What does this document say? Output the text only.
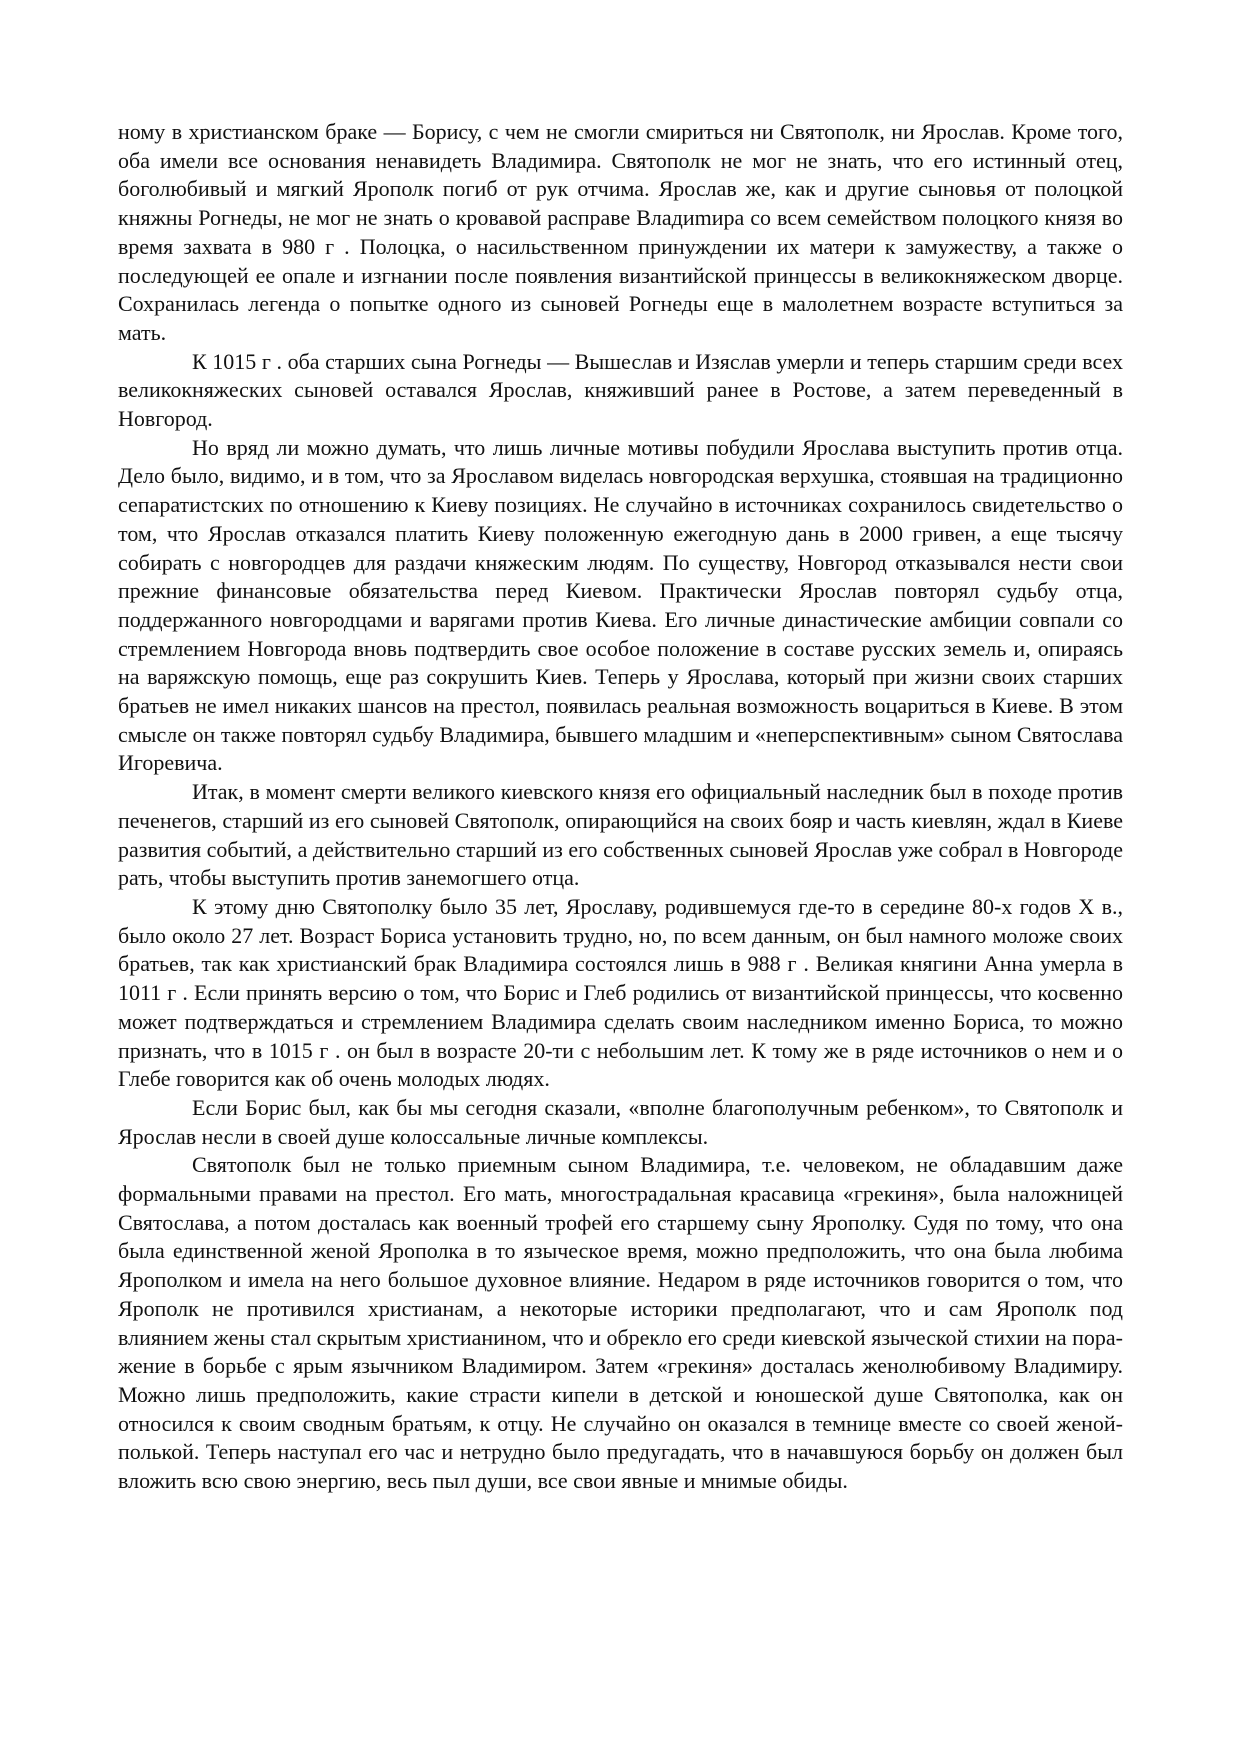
ному в христианском браке — Борису, с чем не смогли смириться ни Святополк, ни Ярослав. Кроме того, оба имели все основания ненавидеть Владимира. Святополк не мог не знать, что его истинный отец, боголюбивый и мягкий Ярополк погиб от рук отчима. Ярослав же, как и другие сыновья от полоцкой княжны Рогнеды, не мог не знать о кровавой расправе Владиmира со всем семейством полоцкого князя во время захвата в 980 г . Полоцка, о насильственном принуждении их матери к замужеству, а также о последующей ее опале и изгнании после появления византийской принцессы в великокняжеском дворце. Сохранилась легенда о попытке одного из сыновей Рогнеды еще в малолетнем возрасте вступиться за мать.

К 1015 г . оба старших сына Рогнеды — Вышеслав и Изяслав умерли и теперь старшим среди всех великокняжеских сыновей оставался Ярослав, княживший ранее в Ростове, а затем переведенный в Новгород.

Но вряд ли можно думать, что лишь личные мотивы побудили Ярослава выступить против отца. Дело было, видимо, и в том, что за Ярославом виделась новгородская верхушка, стоявшая на традиционно сепаратистских по отношению к Киеву позициях. Не случайно в источниках сохранилось свидетельство о том, что Ярослав отказался платить Киеву положенную ежегодную дань в 2000 гривен, а еще тысячу собирать с новгородцев для раздачи княжеским людям. По существу, Новгород отказывался нести свои прежние финансовые обязательства перед Киевом. Практически Ярослав повторял судьбу отца, поддержанного новгородцами и варягами против Киева. Его личные династические амбиции совпали со стремлением Новгорода вновь подтвердить свое особое положение в составе русских земель и, опираясь на варяжскую помощь, еще раз сокрушить Киев. Теперь у Ярослава, который при жизни своих старших братьев не имел никаких шансов на престол, появилась реальная возможность воцариться в Киеве. В этом смысле он также повторял судьбу Владимира, бывшего младшим и «неперспективным» сыном Святослава Игоревича.

Итак, в момент смерти великого киевского князя его официальный наследник был в походе против печенегов, старший из его сыновей Святополк, опирающийся на своих бояр и часть киевлян, ждал в Киеве развития событий, а действительно старший из его собственных сыновей Ярослав уже собрал в Новгороде рать, чтобы выступить против занемогшего отца.

К этому дню Святополку было 35 лет, Ярославу, родившемуся где-то в середине 80-х годов X в., было около 27 лет. Возраст Бориса установить трудно, но, по всем данным, он был намного моложе своих братьев, так как христианский брак Владимира состоялся лишь в 988 г . Великая княгини Анна умерла в 1011 г . Если принять версию о том, что Борис и Глеб родились от византийской принцессы, что косвенно может подтверждаться и стремлением Владимира сделать своим наследником именно Бориса, то можно признать, что в 1015 г . он был в возрасте 20-ти с небольшим лет. К тому же в ряде источников о нем и о Глебе говорится как об очень молодых людях.

Если Борис был, как бы мы сегодня сказали, «вполне благополучным ребенком», то Святополк и Ярослав несли в своей душе колоссальные личные комплексы.

Святополк был не только приемным сыном Владимира, т.е. человеком, не обладавшим даже формальными правами на престол. Его мать, многострадальная красавица «грекиня», была наложницей Святослава, а потом досталась как военный трофей его старшему сыну Ярополку. Судя по тому, что она была единственной женой Ярополка в то языческое время, можно предположить, что она была любима Ярополком и имела на него большое духовное влияние. Недаром в ряде источников говорится о том, что Ярополк не противился христианам, а некоторые историки предполагают, что и сам Ярополк под влиянием жены стал скрытым христианином, что и обрекло его среди киевской языческой стихии на поражение в борьбе с ярым язычником Владимиром. Затем «грекиня» досталась женолюбивому Владимиру. Можно лишь предположить, какие страсти кипели в детской и юношеской душе Святополка, как он относился к своим сводным братьям, к отцу. Не случайно он оказался в темнице вместе со своей женой-полькой. Теперь наступал его час и нетрудно было предугадать, что в начавшуюся борьбу он должен был вложить всю свою энергию, весь пыл души, все свои явные и мнимые обиды.
